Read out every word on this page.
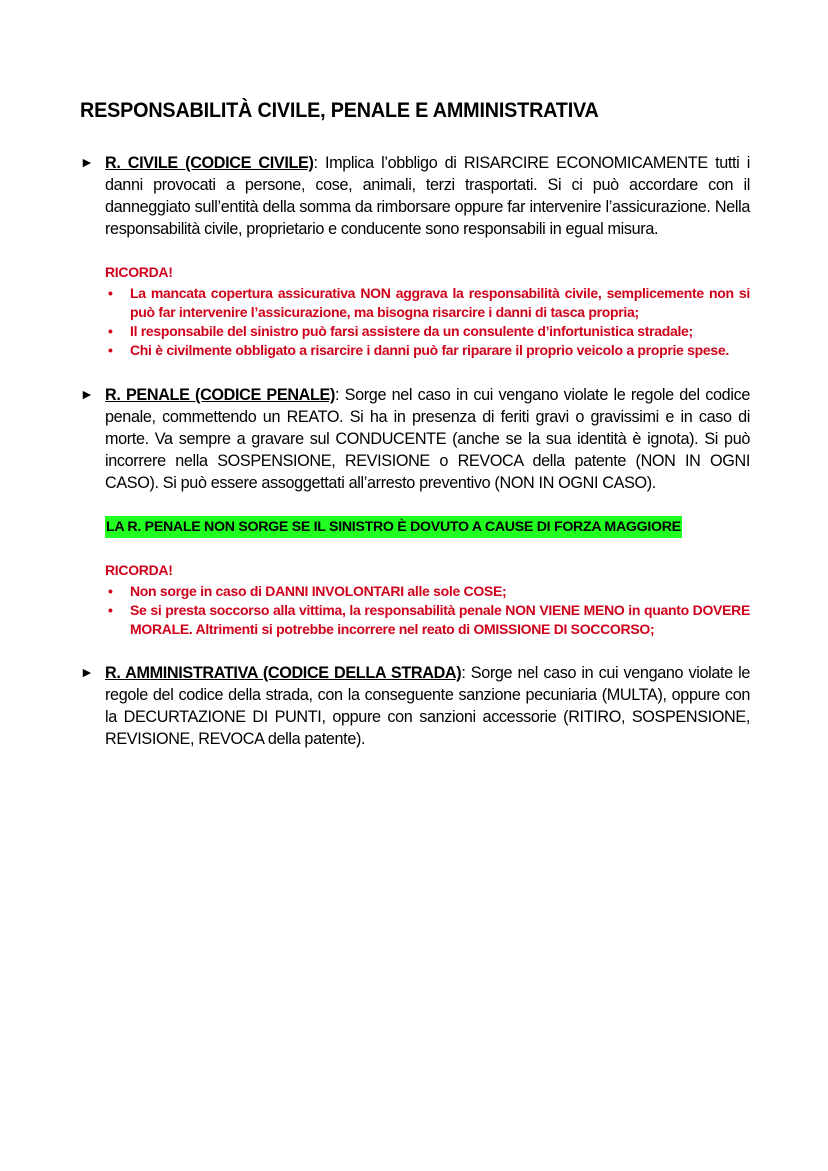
RESPONSABILITÀ CIVILE, PENALE E AMMINISTRATIVA
► R. CIVILE (CODICE CIVILE): Implica l’obbligo di RISARCIRE ECONOMICAMENTE tutti i danni provocati a persone, cose, animali, terzi trasportati. Si ci può accordare con il danneggiato sull’entità della somma da rimborsare oppure far intervenire l’assicurazione. Nella responsabilità civile, proprietario e conducente sono responsabili in egual misura.
RICORDA!
• La mancata copertura assicurativa NON aggrava la responsabilità civile, semplicemente non si può far intervenire l’assicurazione, ma bisogna risarcire i danni di tasca propria;
• Il responsabile del sinistro può farsi assistere da un consulente d’infortunistica stradale;
• Chi è civilmente obbligato a risarcire i danni può far riparare il proprio veicolo a proprie spese.
► R. PENALE (CODICE PENALE): Sorge nel caso in cui vengano violate le regole del codice penale, commettendo un REATO. Si ha in presenza di feriti gravi o gravissimi e in caso di morte. Va sempre a gravare sul CONDUCENTE (anche se la sua identità è ignota). Si può incorrere nella SOSPENSIONE, REVISIONE o REVOCA della patente (NON IN OGNI CASO). Si può essere assoggettati all’arresto preventivo (NON IN OGNI CASO).
LA R. PENALE NON SORGE SE IL SINISTRO È DOVUTO A CAUSE DI FORZA MAGGIORE
RICORDA!
• Non sorge in caso di DANNI INVOLONTARI alle sole COSE;
• Se si presta soccorso alla vittima, la responsabilità penale NON VIENE MENO in quanto DOVERE MORALE. Altrimenti si potrebbe incorrere nel reato di OMISSIONE DI SOCCORSO;
► R. AMMINISTRATIVA (CODICE DELLA STRADA): Sorge nel caso in cui vengano violate le regole del codice della strada, con la conseguente sanzione pecuniaria (MULTA), oppure con la DECURTAZIONE DI PUNTI, oppure con sanzioni accessorie (RITIRO, SOSPENSIONE, REVISIONE, REVOCA della patente).
